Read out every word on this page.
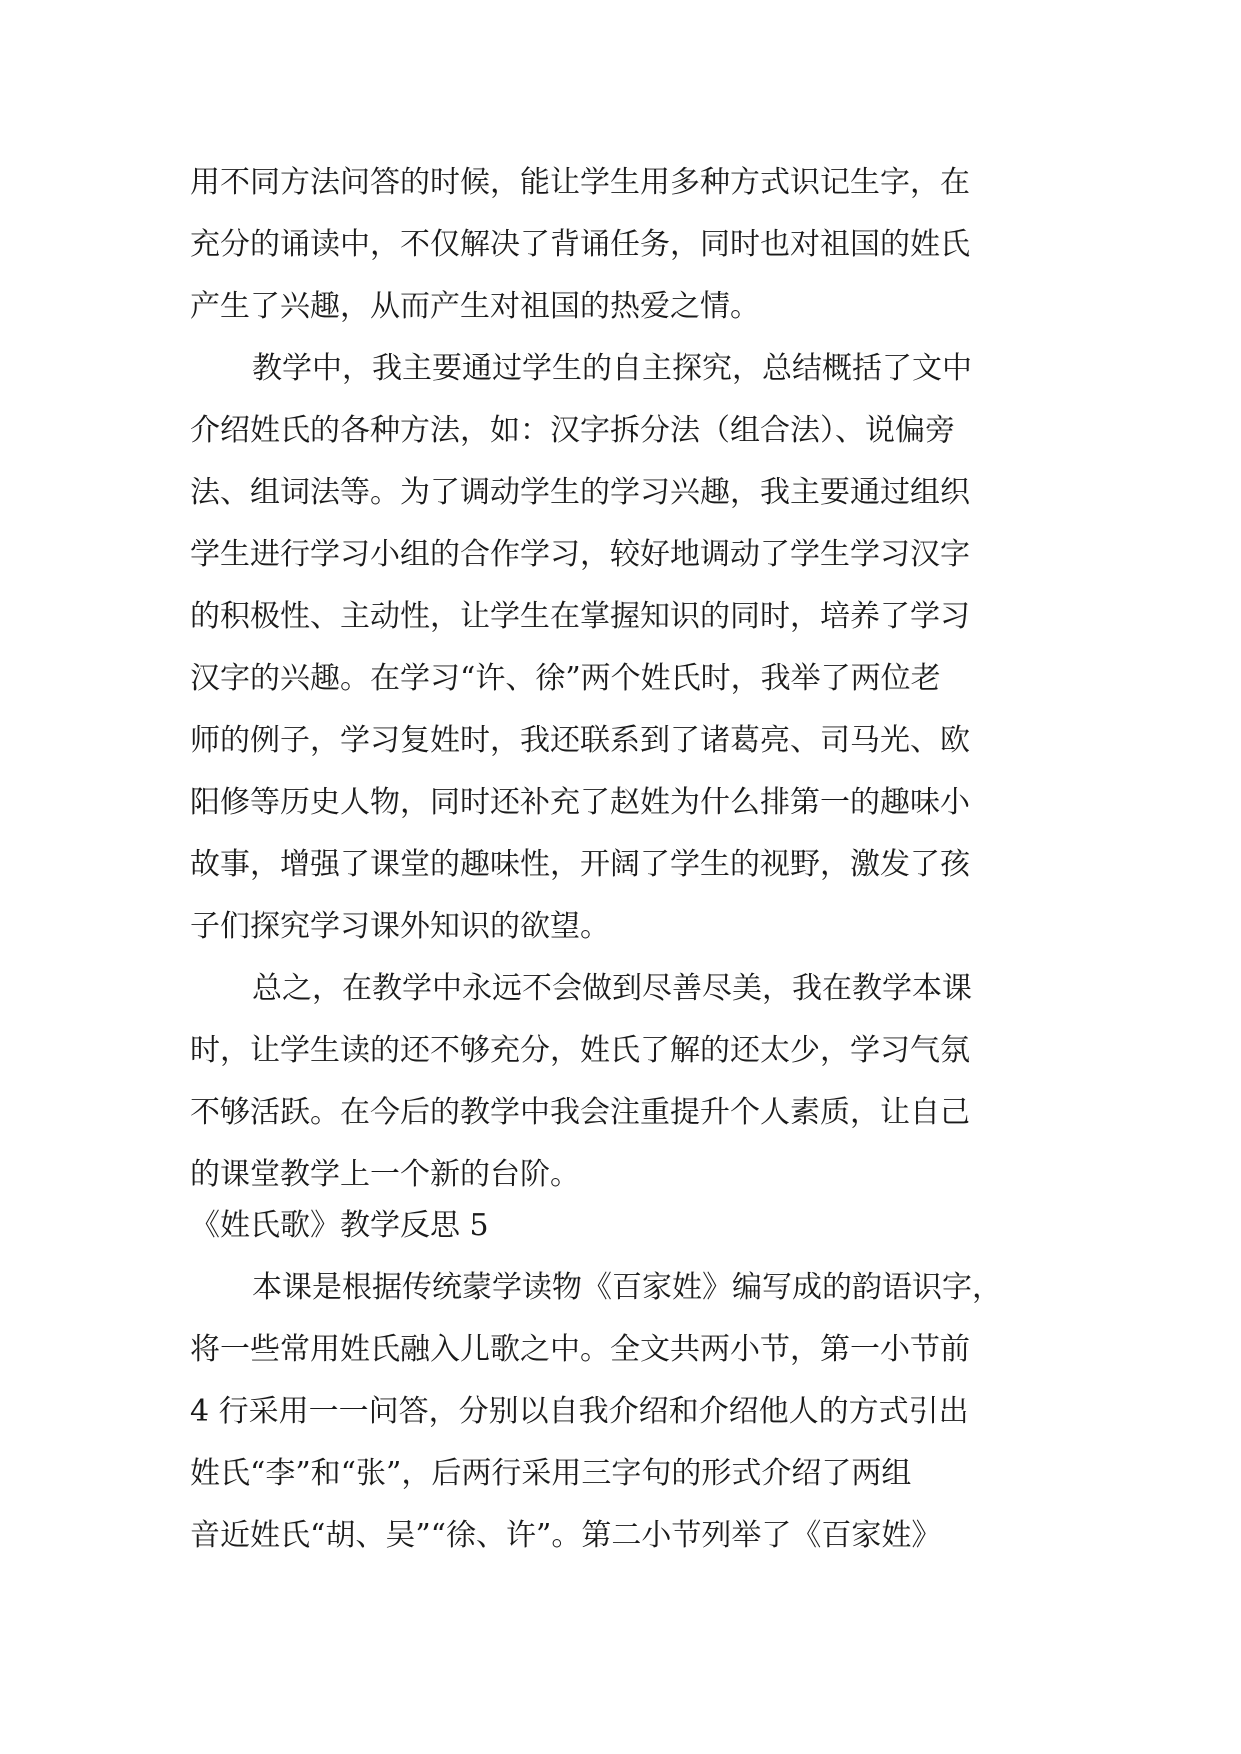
用不同方法问答的时候，能让学生用多种方式识记生字，在
充分的诵读中，不仅解决了背诵任务，同时也对祖国的姓氏
产生了兴趣，从而产生对祖国的热爱之情。
教学中，我主要通过学生的自主探究，总结概括了文中
介绍姓氏的各种方法，如：汉字拆分法（组合法）、说偏旁
法、组词法等。为了调动学生的学习兴趣，我主要通过组织
学生进行学习小组的合作学习，较好地调动了学生学习汉字
的积极性、主动性，让学生在掌握知识的同时，培养了学习
汉字的兴趣。在学习“许、徐”两个姓氏时，我举了两位老
师的例子，学习复姓时，我还联系到了诸葛亮、司马光、欧
阳修等历史人物，同时还补充了赵姓为什么排第一的趣味小
故事，增强了课堂的趣味性，开阔了学生的视野，激发了孩
子们探究学习课外知识的欲望。
总之，在教学中永远不会做到尽善尽美，我在教学本课
时，让学生读的还不够充分，姓氏了解的还太少，学习气氛
不够活跃。在今后的教学中我会注重提升个人素质，让自己
的课堂教学上一个新的台阶。
《姓氏歌》教学反思 5
本课是根据传统蒙学读物《百家姓》编写成的韵语识字，
将一些常用姓氏融入儿歌之中。全文共两小节，第一小节前
4 行采用一一问答，分别以自我介绍和介绍他人的方式引出
姓氏“李”和“张”，后两行采用三字句的形式介绍了两组
音近姓氏“胡、吴”“徐、许”。第二小节列举了《百家姓》
